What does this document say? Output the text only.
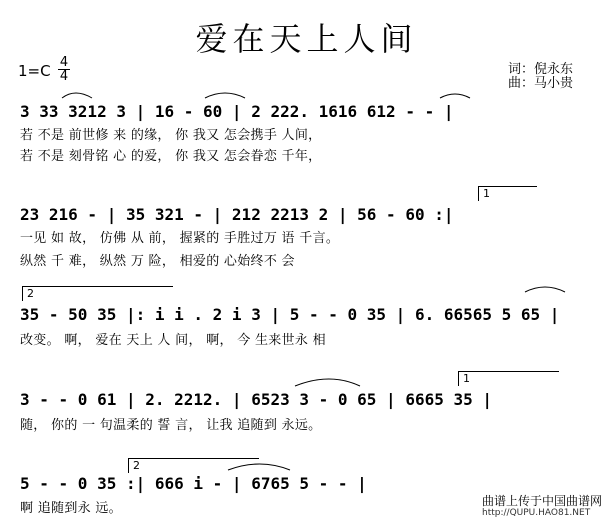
爱在天上人间
1=C 4
4	词：倪永东
曲：马小贵
3 33 3212 3 | 16 - 60 | 2 222. 1616 612 - - |
若 不是 前世修 来 的缘， 你 我又 怎会携手 人间，
若 不是 刻骨铭 心 的爱， 你 我又 怎会眷恋 千年，
1
23 216 - | 35 321 - | 212 2213 2 | 56 - 60 :|
一见 如 故， 仿佛 从 前， 握紧的 手胜过万 语 千言。
纵然 千 难， 纵然 万 险， 相爱的 心始终不 会
2
35 - 50 35 |: i i . 2 i 3 | 5 - - 0 35 | 6. 66565 5 65 |
改变。 啊， 爱在 天上 人 间， 啊， 今 生来世永 相
1
3 - - 0 61 | 2. 2212. | 6523 3 - 0 65 | 6665 35 |
随， 你的 一 句温柔的 誓 言， 让我 追随到 永远。
2
5 - - 0 35 :| 666 i - | 6765 5 - - |
啊 追随到永 远。	曲谱上传于中国曲谱网
http://QUPU.HAO81.NET
